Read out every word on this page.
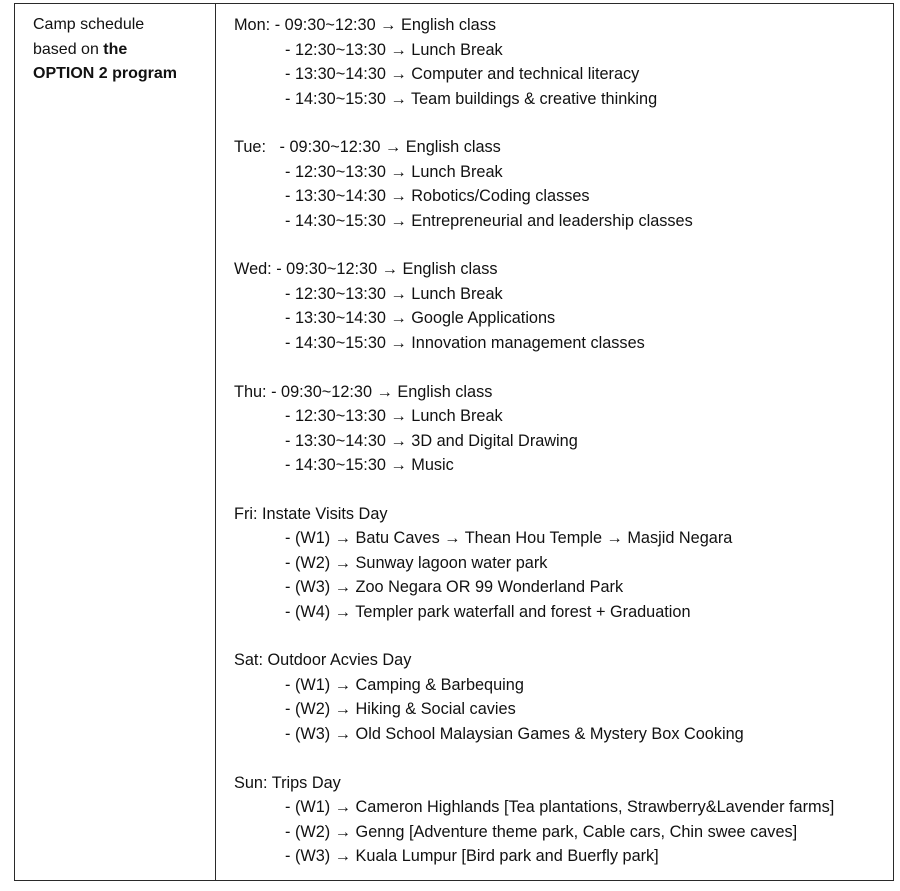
Camp schedule
based on the
OPTION 2 program
Mon: - 09:30~12:30 → English class
- 12:30~13:30 → Lunch Break
- 13:30~14:30 → Computer and technical literacy
- 14:30~15:30 → Team buildings & creative thinking
Tue:   - 09:30~12:30 → English class
- 12:30~13:30 → Lunch Break
- 13:30~14:30 → Robotics/Coding classes
- 14:30~15:30 → Entrepreneurial and leadership classes
Wed: - 09:30~12:30 → English class
- 12:30~13:30 → Lunch Break
- 13:30~14:30 → Google Applications
- 14:30~15:30 → Innovation management classes
Thu: - 09:30~12:30 → English class
- 12:30~13:30 → Lunch Break
- 13:30~14:30 → 3D and Digital Drawing
- 14:30~15:30 → Music
Fri: Instate Visits Day
- (W1) → Batu Caves → Thean Hou Temple → Masjid Negara
- (W2) → Sunway lagoon water park
- (W3) → Zoo Negara OR 99 Wonderland Park
- (W4) → Templer park waterfall and forest + Graduation
Sat: Outdoor Acvies Day
- (W1) → Camping & Barbequing
- (W2) → Hiking & Social cavies
- (W3) → Old School Malaysian Games & Mystery Box Cooking
Sun: Trips Day
- (W1) → Cameron Highlands [Tea plantations, Strawberry&Lavender farms]
- (W2) → Genng [Adventure theme park, Cable cars, Chin swee caves]
- (W3) → Kuala Lumpur [Bird park and Buerfly park]
